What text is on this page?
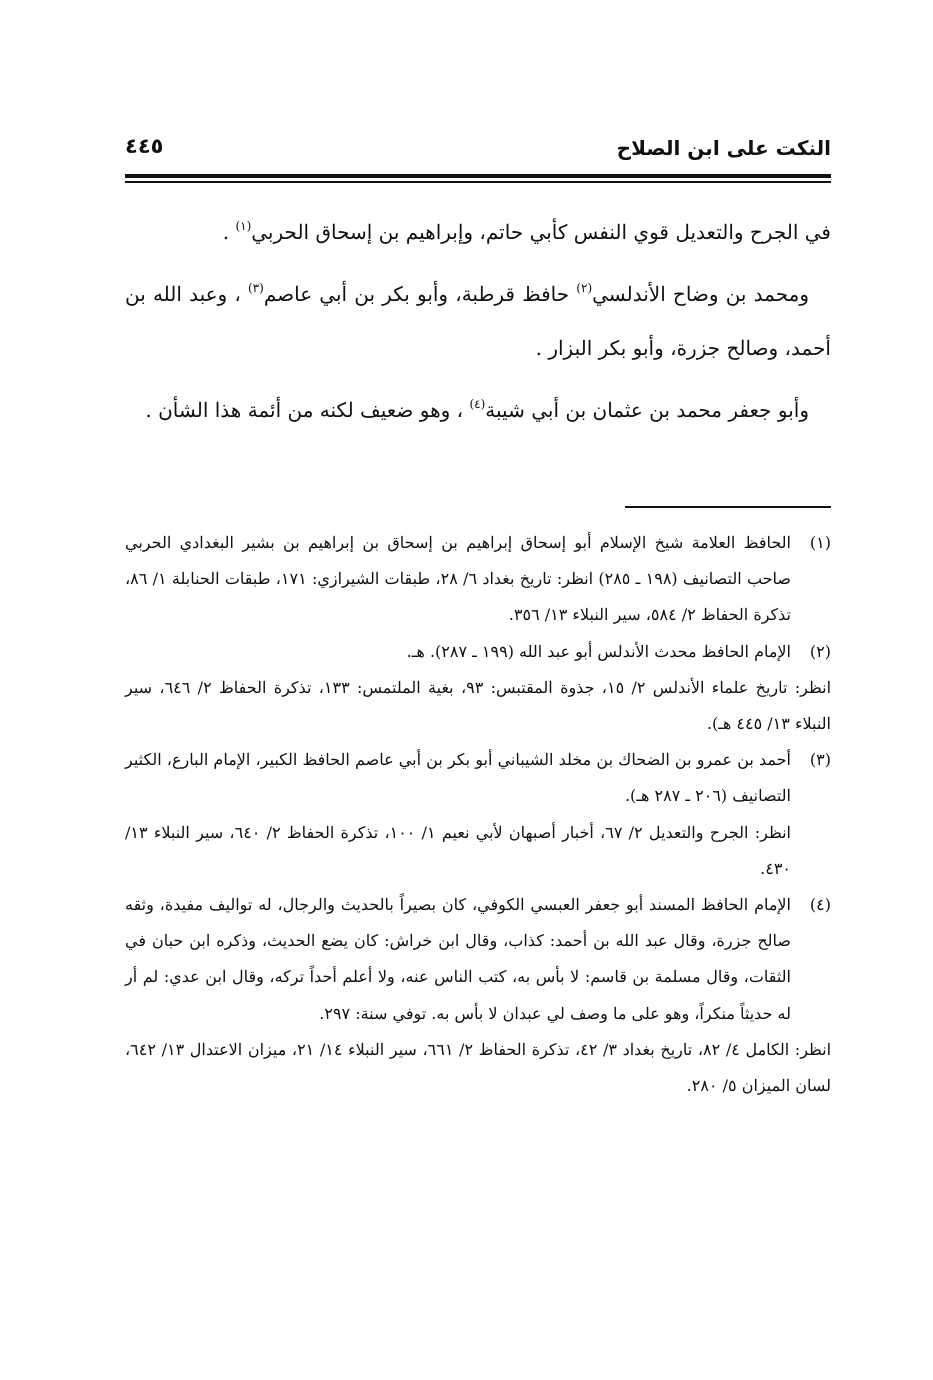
النكت على ابن الصلاح
٤٤٥

في الجرح والتعديل قوي النفس كأبي حاتم، وإبراهيم بن إسحاق الحربي$^{(١)}$ .

ومحمد بن وضاح الأندلسي$^{(٢)}$ حافظ قرطبة، وأبو بكر بن أبي عاصم$^{(٣)}$ ، وعبد الله بن أحمد، وصالح جزرة، وأبو بكر البزار .

وأبو جعفر محمد بن عثمان بن أبي شيبة$^{(٤)}$ ، وهو ضعيف لكنه من أئمة هذا الشأن .

(١)

الحافظ العلامة شيخ الإسلام أبو إسحاق إبراهيم بن إسحاق بن إبراهيم بن بشير البغدادي الحربي صاحب التصانيف (١٩٨ ـ ٢٨٥) انظر: تاريخ بغداد ٦/ ٢٨، طبقات الشيرازي: ١٧١، طبقات الحنابلة ١/ ٨٦، تذكرة الحفاظ ٢/ ٥٨٤، سير النبلاء ١٣/ ٣٥٦.

(٢)

الإمام الحافظ محدث الأندلس أبو عبد الله (١٩٩ ـ ٢٨٧). هـ.

انظر: تاريخ علماء الأندلس ٢/ ١٥، جذوة المقتبس: ٩٣، بغية الملتمس: ١٣٣، تذكرة الحفاظ ٢/ ٦٤٦، سير النبلاء ١٣/ ٤٤٥ هـ).

(٣)

أحمد بن عمرو بن الضحاك بن مخلد الشيباني أبو بكر بن أبي عاصم الحافظ الكبير، الإمام البارع، الكثير التصانيف (٢٠٦ ـ ٢٨٧ هـ).

انظر: الجرح والتعديل ٢/ ٦٧، أخبار أصبهان لأبي نعيم ١/ ١٠٠، تذكرة الحفاظ ٢/ ٦٤٠، سير النبلاء ١٣/ ٤٣٠.

(٤)

الإمام الحافظ المسند أبو جعفر العبسي الكوفي، كان بصيراً بالحديث والرجال، له تواليف مفيدة، وثقه صالح جزرة، وقال عبد الله بن أحمد: كذاب، وقال ابن خراش: كان يضع الحديث، وذكره ابن حبان في الثقات، وقال مسلمة بن قاسم: لا بأس به، كتب الناس عنه، ولا أعلم أحداً تركه، وقال ابن عدي: لم أر له حديثاً منكراً، وهو على ما وصف لي عبدان لا بأس به. توفي سنة: ٢٩٧.

انظر: الكامل ٤/ ٨٢، تاريخ بغداد ٣/ ٤٢، تذكرة الحفاظ ٢/ ٦٦١، سير النبلاء ١٤/ ٢١، ميزان الاعتدال ١٣/ ٦٤٢، لسان الميزان ٥/ ٢٨٠.
